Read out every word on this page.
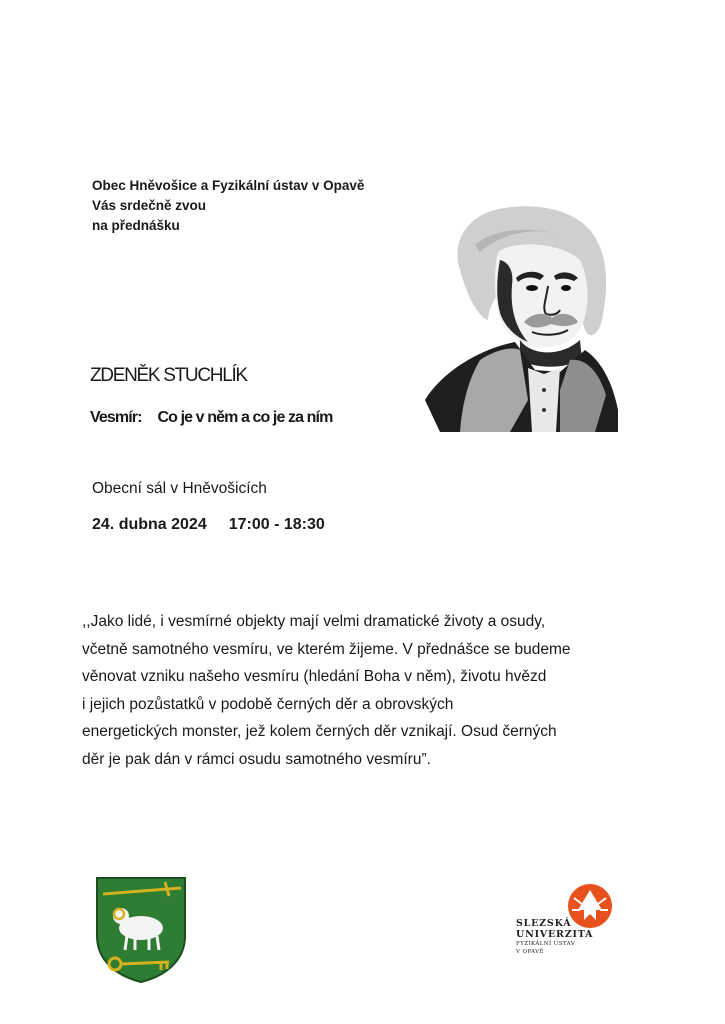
Obec Hněvošice a Fyzikální ústav v Opavě
Vás srdečně zvou
na přednášku
ZDENĚK STUCHLÍK
Vesmír: Co je v něm a co je za ním
Obecní sál v Hněvošicích
24. dubna 2024 17:00 - 18:30
,,Jako lidé, i vesmírné objekty mají velmi dramatické životy a osudy,
včetně samotného vesmíru, ve kterém žijeme. V přednášce se budeme
věnovat vzniku našeho vesmíru (hledání Boha v něm), životu hvězd
i jejich pozůstatků v podobě černých děr a obrovských
energetických monster, jež kolem černých děr vznikají. Osud černých
děr je pak dán v rámci osudu samotného vesmíru”.
SLEZSKÁ
UNIVERZITA
FYZIKÁLNÍ ÚSTAV
V OPAVĚ
